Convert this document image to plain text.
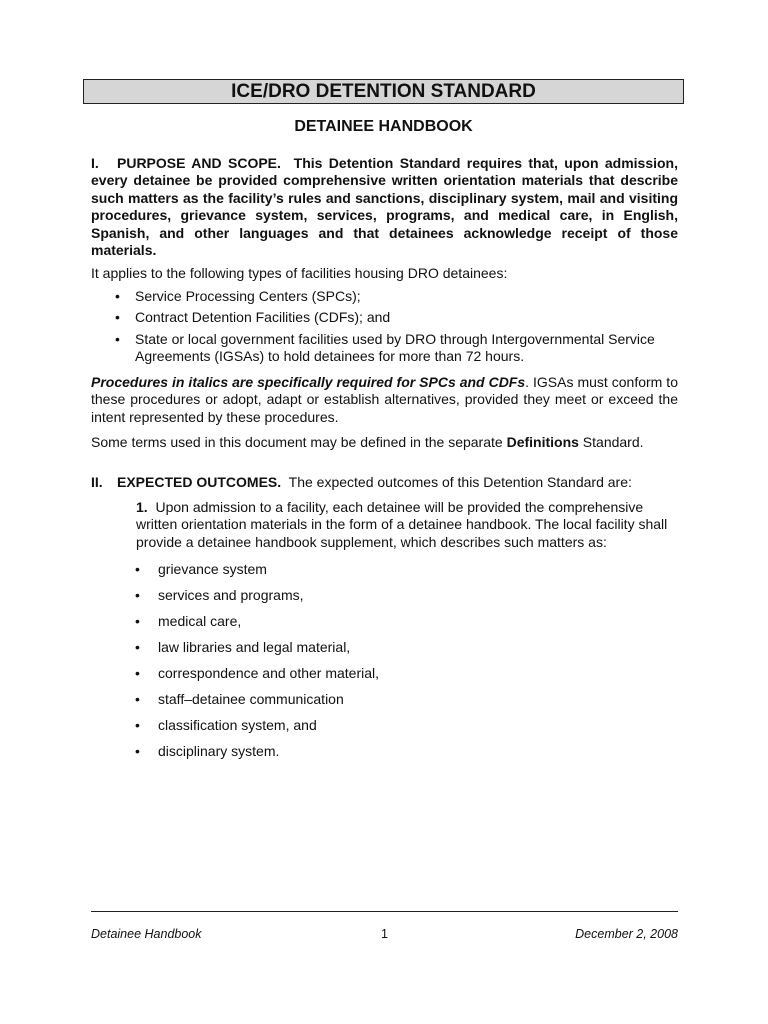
ICE/DRO DETENTION STANDARD
DETAINEE HANDBOOK
I. PURPOSE AND SCOPE. This Detention Standard requires that, upon admission, every detainee be provided comprehensive written orientation materials that describe such matters as the facility’s rules and sanctions, disciplinary system, mail and visiting procedures, grievance system, services, programs, and medical care, in English, Spanish, and other languages and that detainees acknowledge receipt of those materials.
It applies to the following types of facilities housing DRO detainees:
• Service Processing Centers (SPCs);
• Contract Detention Facilities (CDFs); and
• State or local government facilities used by DRO through Intergovernmental Service Agreements (IGSAs) to hold detainees for more than 72 hours.
Procedures in italics are specifically required for SPCs and CDFs. IGSAs must conform to these procedures or adopt, adapt or establish alternatives, provided they meet or exceed the intent represented by these procedures.
Some terms used in this document may be defined in the separate Definitions Standard.
II. EXPECTED OUTCOMES. The expected outcomes of this Detention Standard are:
1. Upon admission to a facility, each detainee will be provided the comprehensive written orientation materials in the form of a detainee handbook. The local facility shall provide a detainee handbook supplement, which describes such matters as:
• grievance system
• services and programs,
• medical care,
• law libraries and legal material,
• correspondence and other material,
• staff–detainee communication
• classification system, and
• disciplinary system.
Detainee Handbook	1	December 2, 2008
